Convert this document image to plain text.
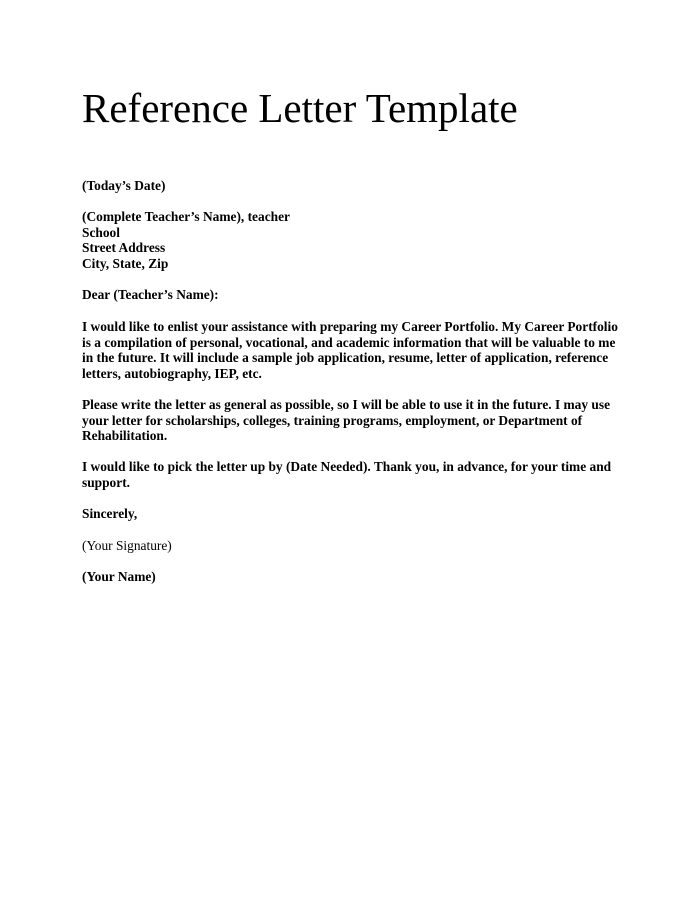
Reference Letter Template

(Today’s Date)

(Complete Teacher’s Name), teacher
School
Street Address
City, State, Zip

Dear (Teacher’s Name):

I would like to enlist your assistance with preparing my Career Portfolio. My Career Portfolio
is a compilation of personal, vocational, and academic information that will be valuable to me
in the future. It will include a sample job application, resume, letter of application, reference
letters, autobiography, IEP, etc.

Please write the letter as general as possible, so I will be able to use it in the future. I may use
your letter for scholarships, colleges, training programs, employment, or Department of
Rehabilitation.

I would like to pick the letter up by (Date Needed). Thank you, in advance, for your time and
support.

Sincerely,

(Your Signature)

(Your Name)
